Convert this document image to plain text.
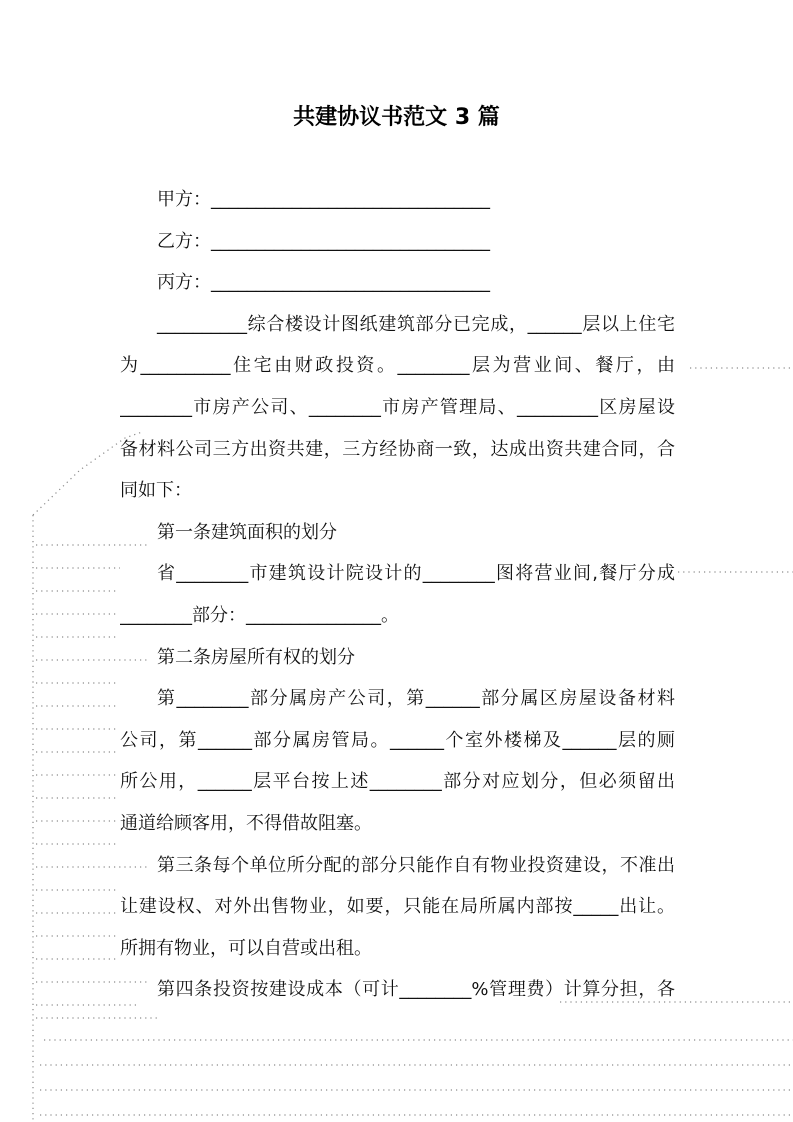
共建协议书范文 3 篇
甲方：_______________________________
乙方：_______________________________
丙方：_______________________________
__________综合楼设计图纸建筑部分已完成，______层以上住宅
为__________住宅由财政投资。________层为营业间、餐厅，由
________市房产公司、________市房产管理局、_________区房屋设
备材料公司三方出资共建，三方经协商一致，达成出资共建合同，合
同如下：
第一条建筑面积的划分
省________市建筑设计院设计的________图将营业间,餐厅分成
________部分：_______________。
第二条房屋所有权的划分
第________部分属房产公司，第______部分属区房屋设备材料
公司，第______部分属房管局。______个室外楼梯及______层的厕
所公用，______层平台按上述________部分对应划分，但必须留出
通道给顾客用，不得借故阻塞。
第三条每个单位所分配的部分只能作自有物业投资建设，不准出
让建设权、对外出售物业，如要，只能在局所属内部按_____出让。
所拥有物业，可以自营或出租。
第四条投资按建设成本（可计________%管理费）计算分担，各
